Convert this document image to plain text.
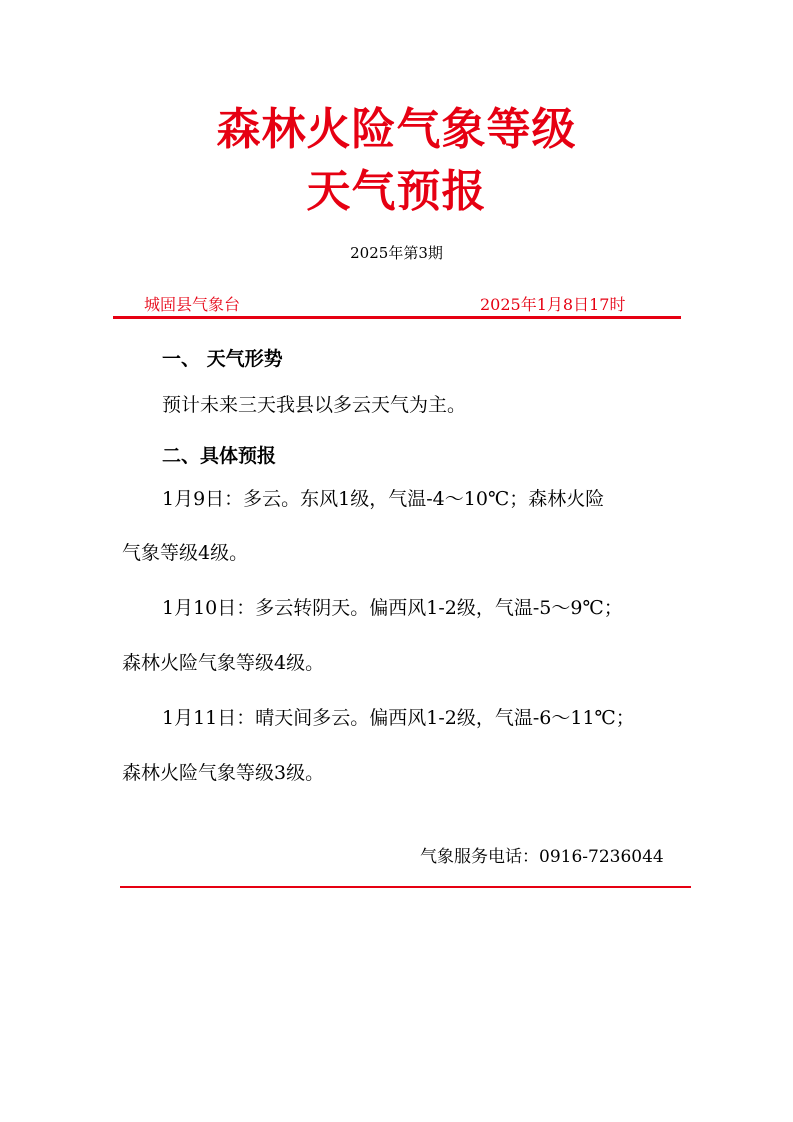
森林火险气象等级
天气预报
2025年第3期
城固县气象台	2025年1月8日17时
一、 天气形势
预计未来三天我县以多云天气为主。
二、具体预报
1月9日：多云。东风1级，气温-4～10℃；森林火险
气象等级4级。
1月10日：多云转阴天。偏西风1-2级，气温-5～9℃；
森林火险气象等级4级。
1月11日：晴天间多云。偏西风1-2级，气温-6～11℃；
森林火险气象等级3级。
气象服务电话：0916-7236044
